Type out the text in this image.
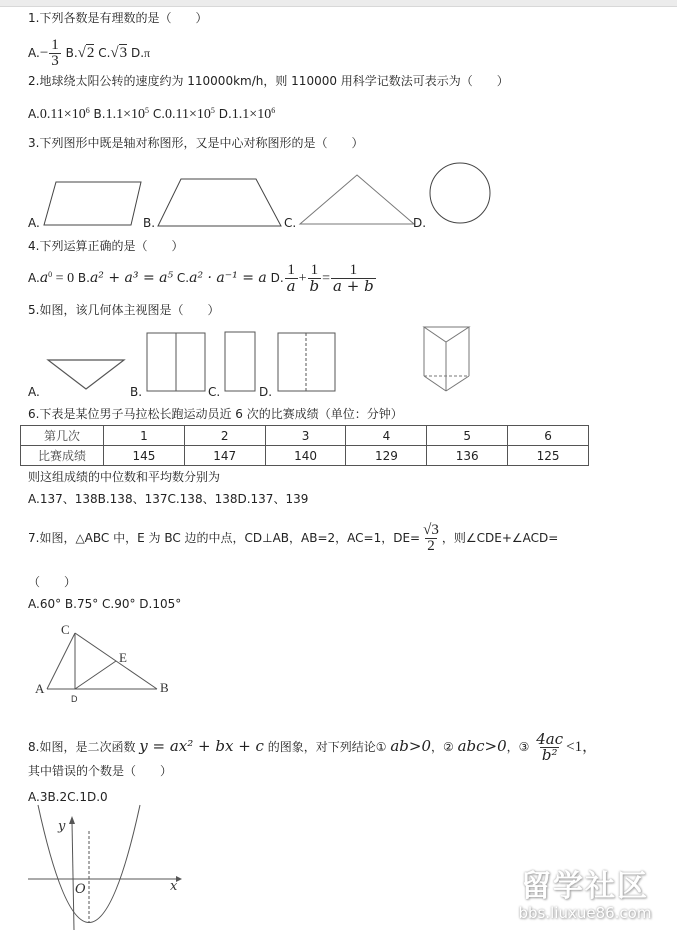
1.下列各数是有理数的是（　　）
$A.- \frac{1}{3} B.√2$ C.√3 D.π
2.地球绕太阳公转的速度约为 110000km/h，则 110000 用科学记数法可表示为（　　）
$A.0.11\times 10^6$ $B.1.1\times 10^5$ $C.0.11\times 10^5$ $D.1.1\times 10^6$
3.下列图形中既是轴对称图形，又是中心对称图形的是（　　）
A.	B.	C.	D.
4.下列运算正确的是（　　）
$A.a^0 = 0$ B.a² + a³ = a⁵ C.a² · a⁻¹ = a D. $\frac{1}{a} + \frac{1}{b} = \frac{1}{a + b}$
5.如图，该几何体主视图是（　　）
A.	B.	C.	D.
6.下表是某位男子马拉松长跑运动员近 6 次的比赛成绩（单位：分钟）
第几次	1	2	3	4	5	6
比赛成绩	145	147	140	129	136	125
则这组成绩的中位数和平均数分别为
A.137、138B.138、137C.138、138D.137、139
7.如图，△ABC 中，E 为 BC 边的中点，CD⊥AB，AB=2，AC=1，$DE= \frac{√3}{2}$ ，则∠CDE+∠ACD=
（　　）
A.60° B.75° C.90° D.105°
C
E
A	B
D
8.如图，是二次函数 y = ax² + bx + c 的图象，对下列结论① ab>0，② abc>0，③ $\frac{4ac}{\text{b²}} <1$，
其中错误的个数是（　　）
A.3B.2C.1D.0
y
x
O	留学社区
bbs.liuxue86.com
